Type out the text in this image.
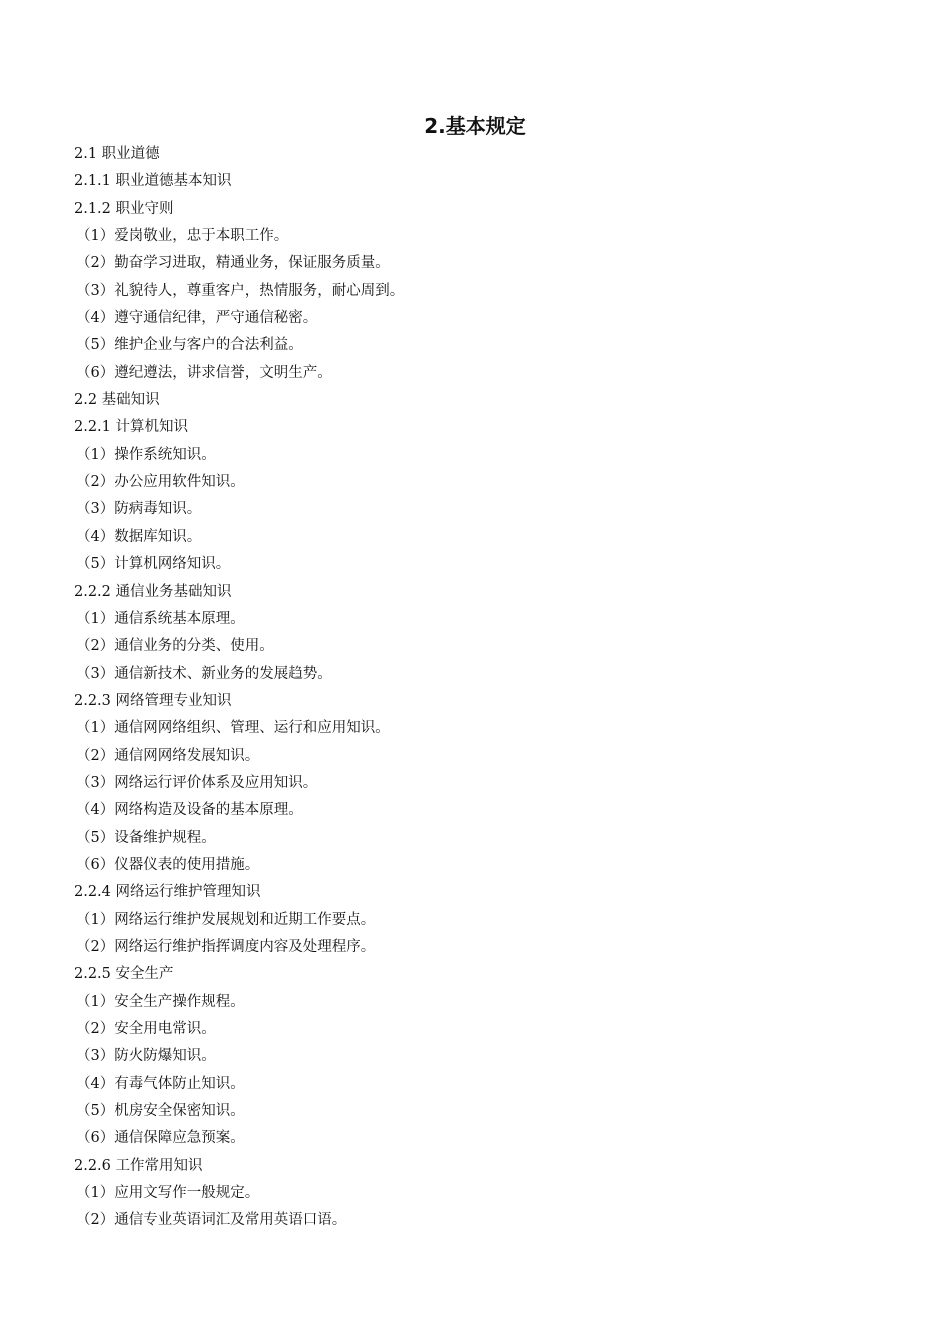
2.基本规定
2.1 职业道德
2.1.1 职业道德基本知识
2.1.2 职业守则
（1）爱岗敬业，忠于本职工作。
（2）勤奋学习进取，精通业务，保证服务质量。
（3）礼貌待人，尊重客户，热情服务，耐心周到。
（4）遵守通信纪律，严守通信秘密。
（5）维护企业与客户的合法利益。
（6）遵纪遵法，讲求信誉，文明生产。
2.2 基础知识
2.2.1 计算机知识
（1）操作系统知识。
（2）办公应用软件知识。
（3）防病毒知识。
（4）数据库知识。
（5）计算机网络知识。
2.2.2 通信业务基础知识
（1）通信系统基本原理。
（2）通信业务的分类、使用。
（3）通信新技术、新业务的发展趋势。
2.2.3 网络管理专业知识
（1）通信网网络组织、管理、运行和应用知识。
（2）通信网网络发展知识。
（3）网络运行评价体系及应用知识。
（4）网络构造及设备的基本原理。
（5）设备维护规程。
（6）仪器仪表的使用措施。
2.2.4 网络运行维护管理知识
（1）网络运行维护发展规划和近期工作要点。
（2）网络运行维护指挥调度内容及处理程序。
2.2.5 安全生产
（1）安全生产操作规程。
（2）安全用电常识。
（3）防火防爆知识。
（4）有毒气体防止知识。
（5）机房安全保密知识。
（6）通信保障应急预案。
2.2.6 工作常用知识
（1）应用文写作一般规定。
（2）通信专业英语词汇及常用英语口语。
